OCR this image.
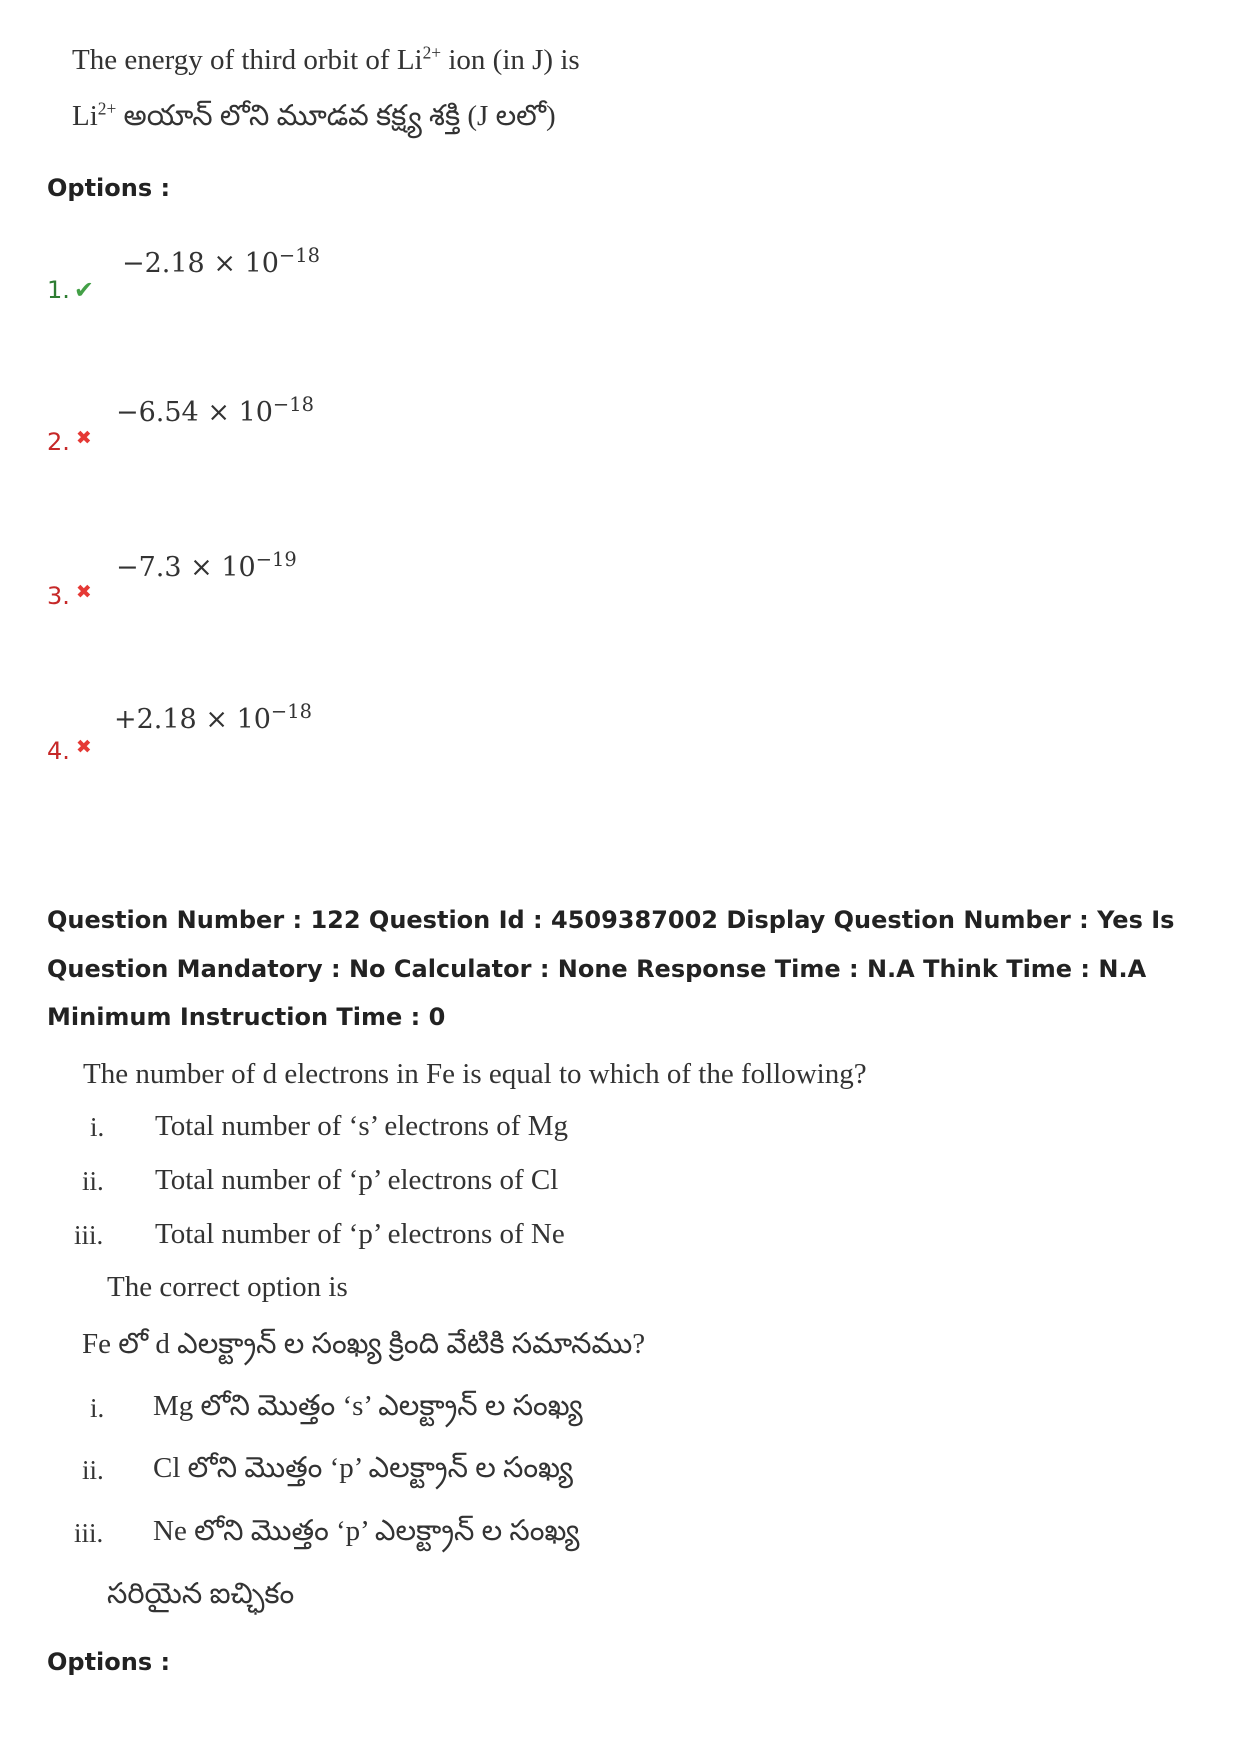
The energy of third orbit of $Li^{2+}$ ion (in J) is
$Li^{2+}$ అయాన్ లోని మూడవ కక్ష్య శక్తి (J లలో)
Options :
$-2.18 \times 10^{-18}$
1. ✔
$-6.54 \times 10^{-18}$
2. ✖
$-7.3 \times 10^{-19}$
3. ✖
$+2.18 \times 10^{-18}$
4. ✖
Question Number : 122 Question Id : 4509387002 Display Question Number : Yes Is Question Mandatory : No Calculator : None Response Time : N.A Think Time : N.A Minimum Instruction Time : 0
The number of d electrons in Fe is equal to which of the following?
i. Total number of ‘s’ electrons of Mg
ii. Total number of ‘p’ electrons of Cl
iii. Total number of ‘p’ electrons of Ne
The correct option is
Fe లో d ఎలక్ట్రాన్ ల సంఖ్య క్రింది వేటికి సమానము?
i. Mg లోని మొత్తం ‘s’ ఎలక్ట్రాన్ ల సంఖ్య
ii. Cl లోని మొత్తం ‘p’ ఎలక్ట్రాన్ ల సంఖ్య
iii. Ne లోని మొత్తం ‘p’ ఎలక్ట్రాన్ ల సంఖ్య
సరియైన ఐచ్ఛికం
Options :
